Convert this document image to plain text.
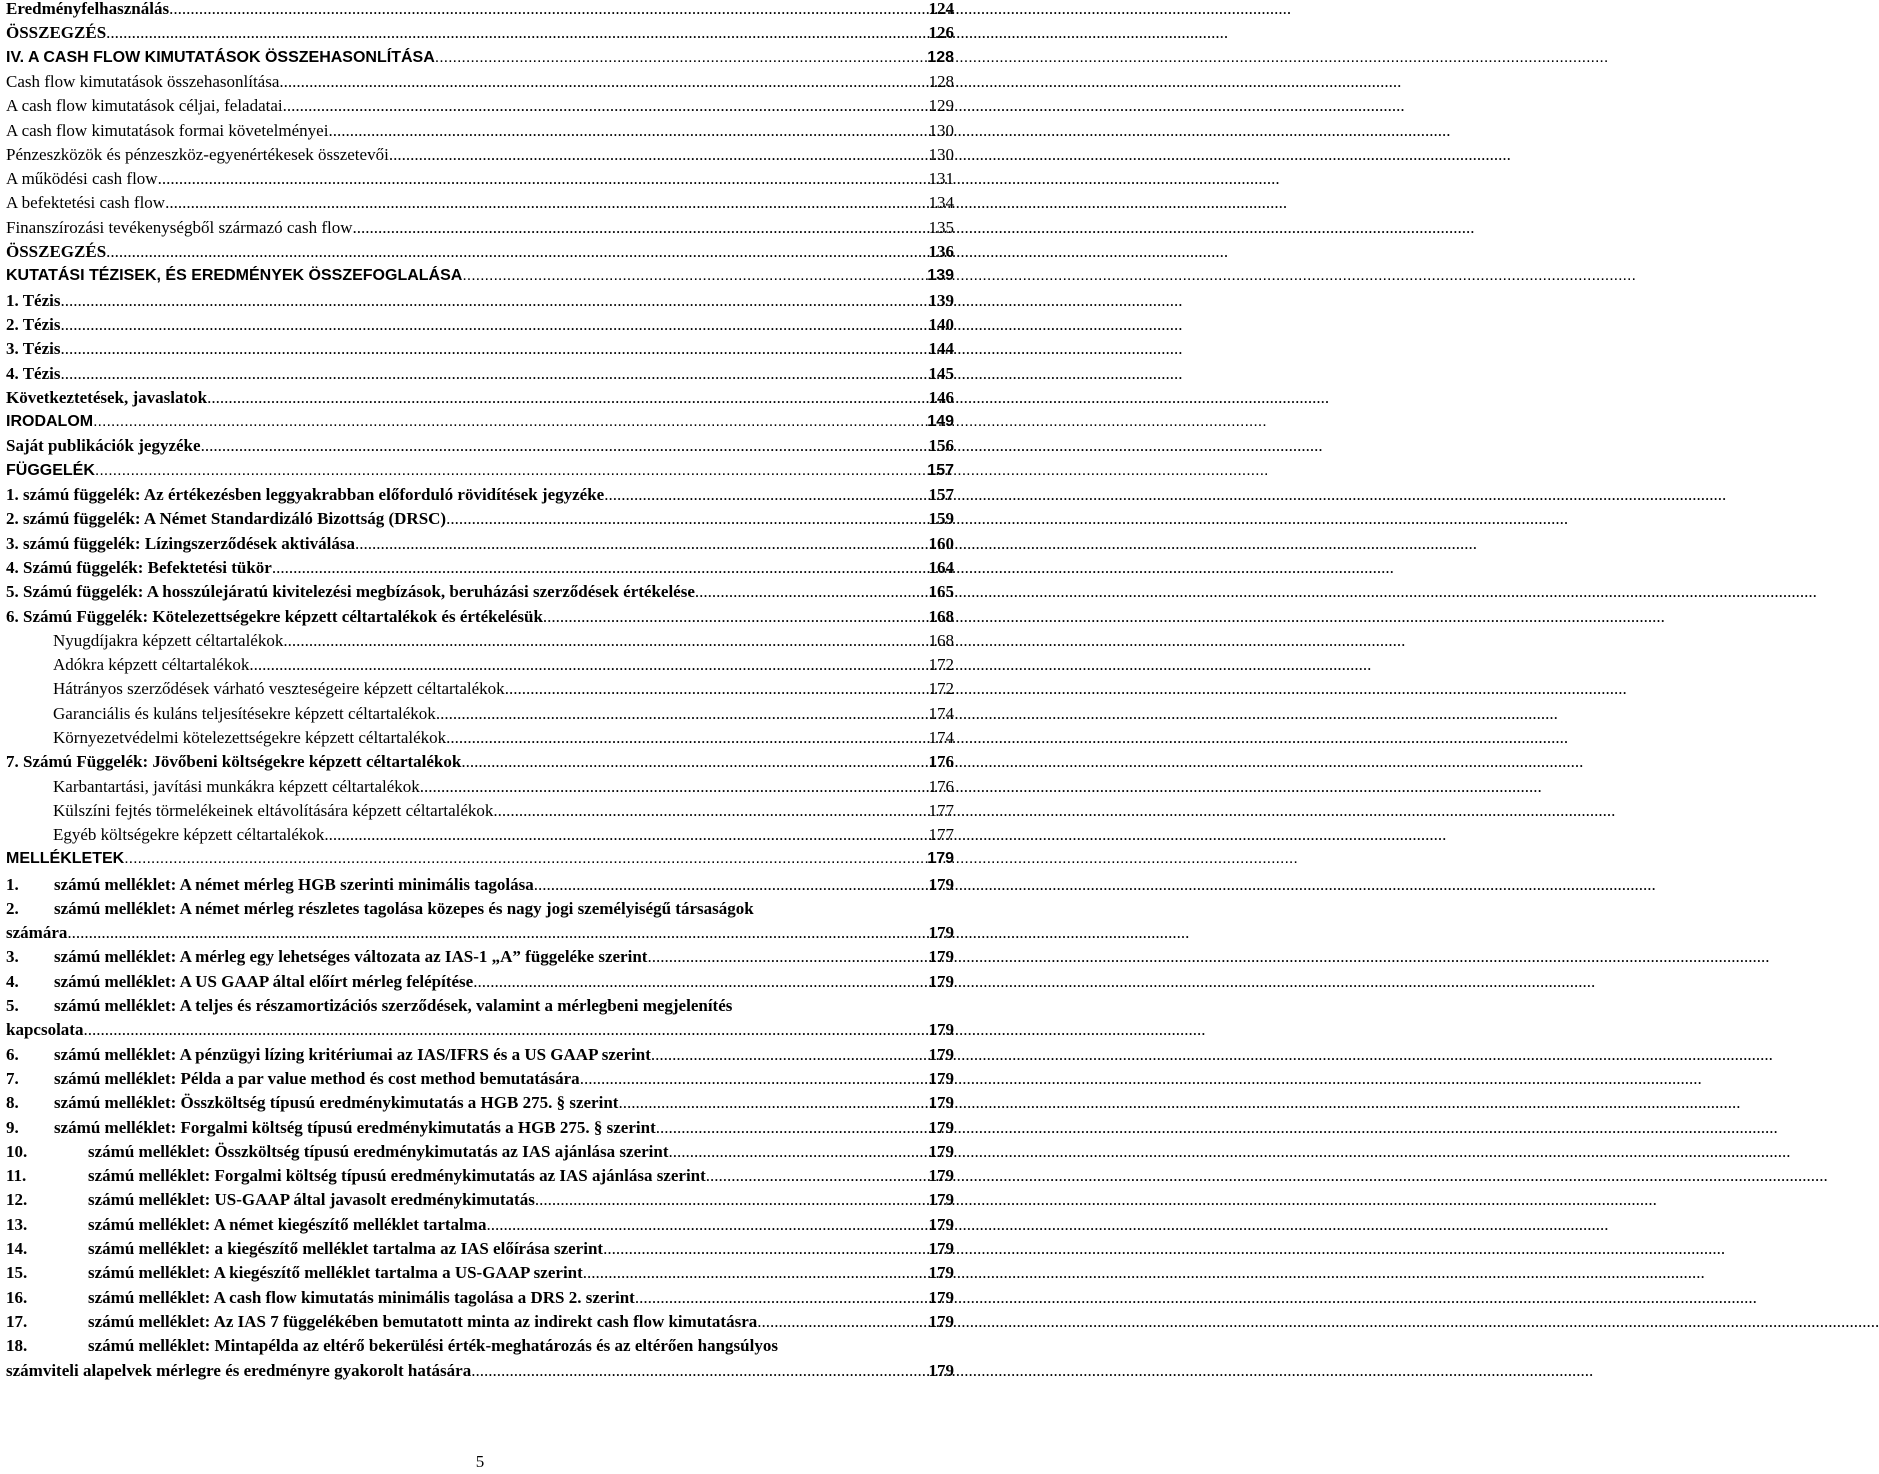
Eredményfelhasználás .....	124
ÖSSZEGZÉS .....	126
IV. A CASH FLOW KIMUTATÁSOK ÖSSZEHASONLÍTÁSA .....	128
Cash flow kimutatások összehasonlítása .....	128
A cash flow kimutatások céljai, feladatai .....	129
A cash flow kimutatások formai követelményei .....	130
Pénzeszközök és pénzeszköz-egyenértékesek összetevői .....	130
A működési cash flow .....	131
A befektetési cash flow .....	134
Finanszírozási tevékenységből származó cash flow .....	135
ÖSSZEGZÉS .....	136
KUTATÁSI TÉZISEK, ÉS EREDMÉNYEK ÖSSZEFOGLALÁSA .....	139
1. Tézis .....	139
2. Tézis .....	140
3. Tézis .....	144
4. Tézis .....	145
Következtetések, javaslatok .....	146
IRODALOM .....	149
Saját publikációk jegyzéke .....	156
FÜGGELÉK .....	157
1. számú függelék: Az értékezésben leggyakrabban előforduló rövidítések jegyzéke .....	157
2. számú függelék: A Német Standardizáló Bizottság (DRSC) .....	159
3. számú függelék: Lízingszerződések aktiválása .....	160
4. Számú függelék: Befektetési tükör .....	164
5. Számú függelék: A hosszúlejáratú kivitelezési megbízások, beruházási szerződések értékelése .....	165
6. Számú Függelék: Kötelezettségekre képzett céltartalékok és értékelésük .....	168
Nyugdíjakra képzett céltartalékok .....	168
Adókra képzett céltartalékok .....	172
Hátrányos szerződések várható veszteségeire képzett céltartalékok .....	172
Garanciális és kuláns teljesítésekre képzett céltartalékok .....	174
Környezetvédelmi kötelezettségekre képzett céltartalékok .....	174
7. Számú Függelék: Jövőbeni költségekre képzett céltartalékok .....	176
Karbantartási, javítási munkákra képzett céltartalékok .....	176
Külszíni fejtés törmelékeinek eltávolítására képzett céltartalékok .....	177
Egyéb költségekre képzett céltartalékok .....	177
MELLÉKLETEK .....	179
1.	számú melléklet: A német mérleg HGB szerinti minimális tagolása .....	179
2.	számú melléklet: A német mérleg részletes tagolása közepes és nagy jogi személyiségű társaságok
számára .....	179
3.	számú melléklet: A mérleg egy lehetséges változata az IAS-1 „A” függeléke szerint .....	179
4.	számú melléklet: A US GAAP által előírt mérleg felépítése .....	179
5.	számú melléklet: A teljes és részamortizációs szerződések, valamint a mérlegbeni megjelenítés
kapcsolata .....	179
6.	számú melléklet: A pénzügyi lízing kritériumai az IAS/IFRS és a US GAAP szerint .....	179
7.	számú melléklet: Példa a par value method és cost method bemutatására .....	179
8.	számú melléklet: Összköltség típusú eredménykimutatás a HGB 275. § szerint .....	179
9.	számú melléklet: Forgalmi költség típusú eredménykimutatás a HGB 275. § szerint .....	179
10.	számú melléklet: Összköltség típusú eredménykimutatás az IAS ajánlása szerint .....	179
11.	számú melléklet: Forgalmi költség típusú eredménykimutatás az IAS ajánlása szerint .....	179
12.	számú melléklet: US-GAAP által javasolt eredménykimutatás .....	179
13.	számú melléklet: A német kiegészítő melléklet tartalma .....	179
14.	számú melléklet: a kiegészítő melléklet tartalma az IAS előírása szerint .....	179
15.	számú melléklet: A kiegészítő melléklet tartalma a US-GAAP szerint .....	179
16.	számú melléklet: A cash flow kimutatás minimális tagolása a DRS 2. szerint .....	179
17.	számú melléklet: Az IAS 7 függelékében bemutatott minta az indirekt cash flow kimutatásra .....	179
18.	számú melléklet: Mintapélda az eltérő bekerülési érték-meghatározás és az eltérően hangsúlyos
számviteli alapelvek mérlegre és eredményre gyakorolt hatására .....	179
5
